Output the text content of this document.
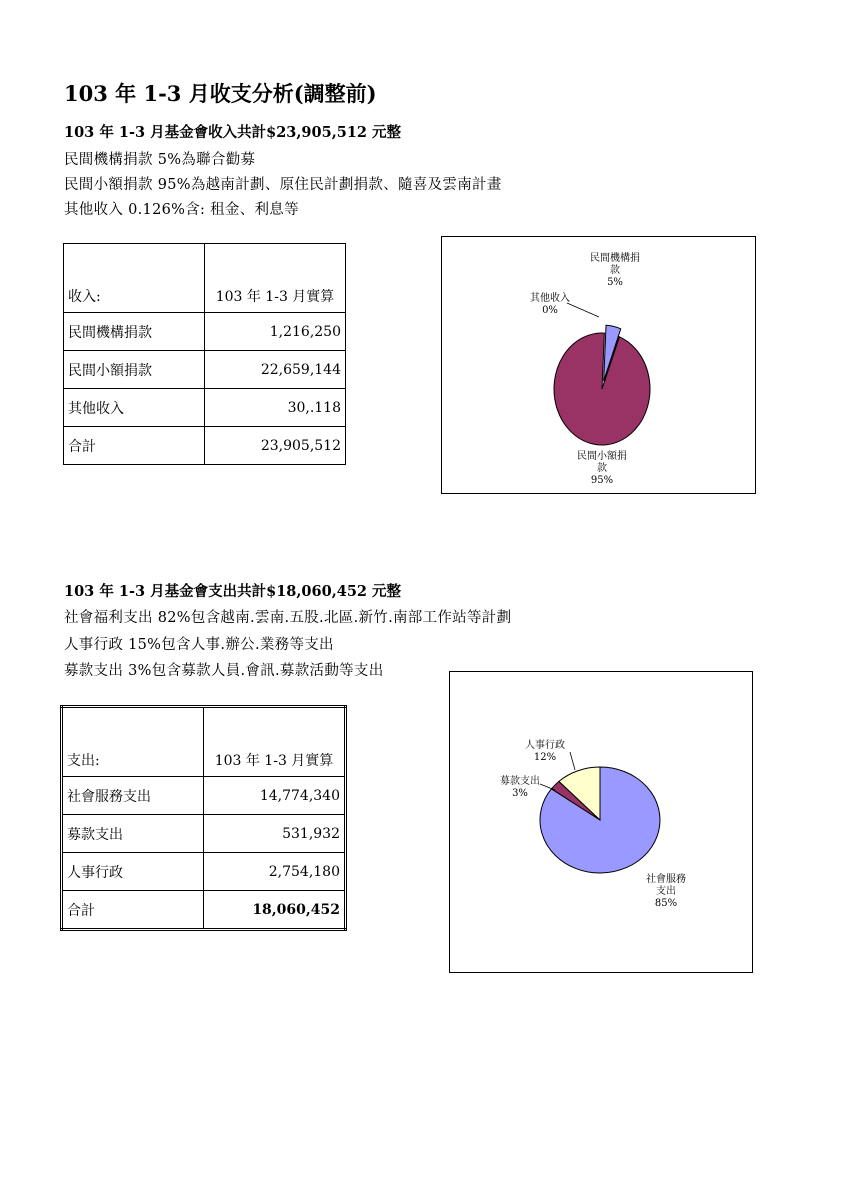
103 年 1-3 月收支分析(調整前)
103 年 1-3 月基金會收入共計$23,905,512 元整
民間機構捐款 5%為聯合勸募
民間小額捐款 95%為越南計劃、原住民計劃捐款、隨喜及雲南計畫
其他收入 0.126%含: 租金、利息等
收入:	103 年 1-3 月實算
民間機構捐款	1,216,250
民間小額捐款	22,659,144
其他收入	30,.118
合計	23,905,512
民間機構捐款 5%
其他收入 0%
民間小額捐款 95%
103 年 1-3 月基金會支出共計$18,060,452 元整
社會福利支出 82%包含越南.雲南.五股.北區.新竹.南部工作站等計劃
人事行政 15%包含人事.辦公.業務等支出
募款支出 3%包含募款人員.會訊.募款活動等支出
支出:	103 年 1-3 月實算
社會服務支出	14,774,340
募款支出	531,932
人事行政	2,754,180
合計	18,060,452
社會服務支出 85%
募款支出 3%
人事行政 12%
